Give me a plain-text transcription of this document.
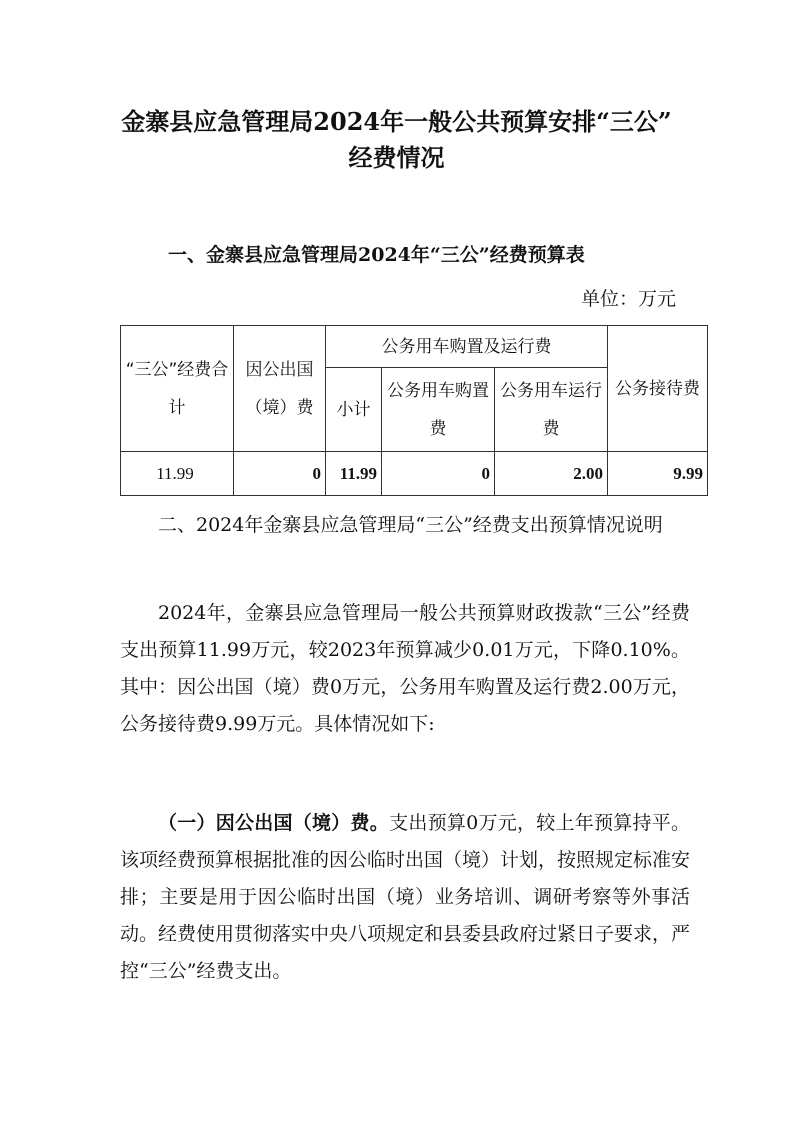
金寨县应急管理局2024年一般公共预算安排“三公”
经费情况
一、金寨县应急管理局2024年“三公”经费预算表
单位：万元
“三公”经费合计	因公出国（境）费	公务用车购置及运行费			公务接待费
		小计	公务用车购置费	公务用车运行费	
11.99	0	11.99	0	2.00	9.99
二、2024年金寨县应急管理局“三公”经费支出预算情况说明

2024年，金寨县应急管理局一般公共预算财政拨款“三公”经费支出预算11.99万元，较2023年预算减少0.01万元，下降0.10%。其中：因公出国（境）费0万元，公务用车购置及运行费2.00万元，公务接待费9.99万元。具体情况如下:

（一）因公出国（境）费。支出预算0万元，较上年预算持平。该项经费预算根据批准的因公临时出国（境）计划，按照规定标准安排；主要是用于因公临时出国（境）业务培训、调研考察等外事活动。经费使用贯彻落实中央八项规定和县委县政府过紧日子要求，严控“三公”经费支出。
